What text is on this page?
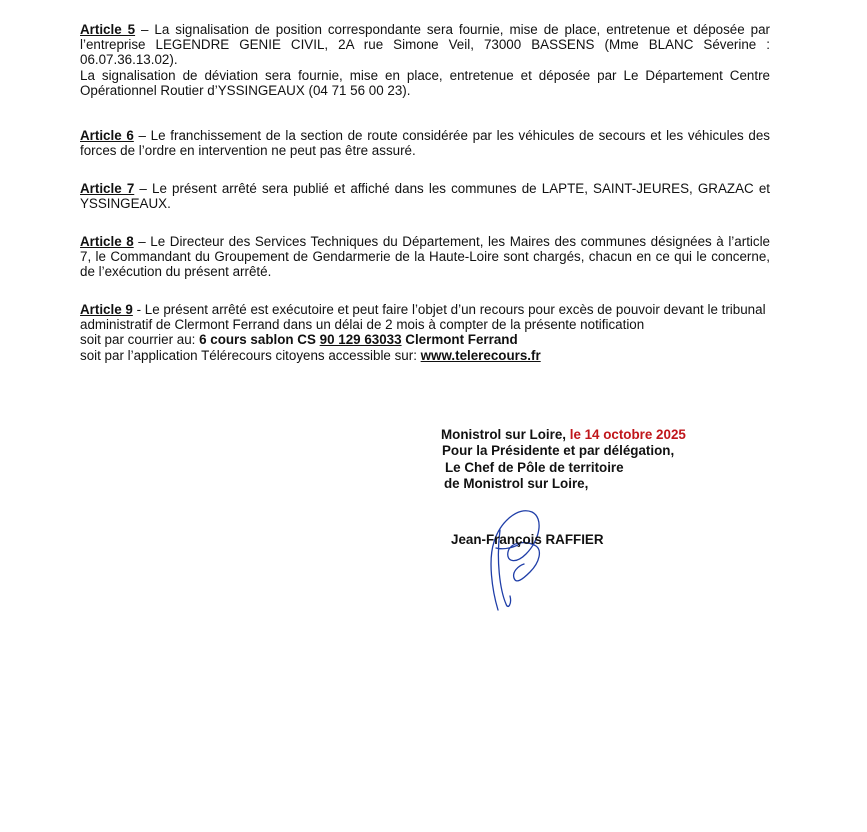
Article 5 – La signalisation de position correspondante sera fournie, mise de place, entretenue et déposée par l’entreprise LEGENDRE GENIE CIVIL, 2A rue Simone Veil, 73000 BASSENS (Mme BLANC Séverine : 06.07.36.13.02).

La signalisation de déviation sera fournie, mise en place, entretenue et déposée par Le Département Centre Opérationnel Routier d’YSSINGEAUX (04 71 56 00 23).

Article 6 – Le franchissement de la section de route considérée par les véhicules de secours et les véhicules des forces de l’ordre en intervention ne peut pas être assuré.

Article 7 – Le présent arrêté sera publié et affiché dans les communes de LAPTE, SAINT-JEURES, GRAZAC et YSSINGEAUX.

Article 8 – Le Directeur des Services Techniques du Département, les Maires des communes désignées à l’article 7, le Commandant du Groupement de Gendarmerie de la Haute-Loire sont chargés, chacun en ce qui le concerne, de l’exécution du présent arrêté.

Article 9 - Le présent arrêté est exécutoire et peut faire l’objet d’un recours pour excès de pouvoir devant le tribunal administratif de Clermont Ferrand dans un délai de 2 mois à compter de la présente notification

soit par courrier au: 6 cours sablon CS 90 129 63033 Clermont Ferrand

soit par l’application Télérecours citoyens accessible sur: www.telerecours.fr

Monistrol sur Loire, le 14 octobre 2025
Pour la Présidente et par délégation,
Le Chef de Pôle de territoire
de Monistrol sur Loire,
Jean-François RAFFIER
